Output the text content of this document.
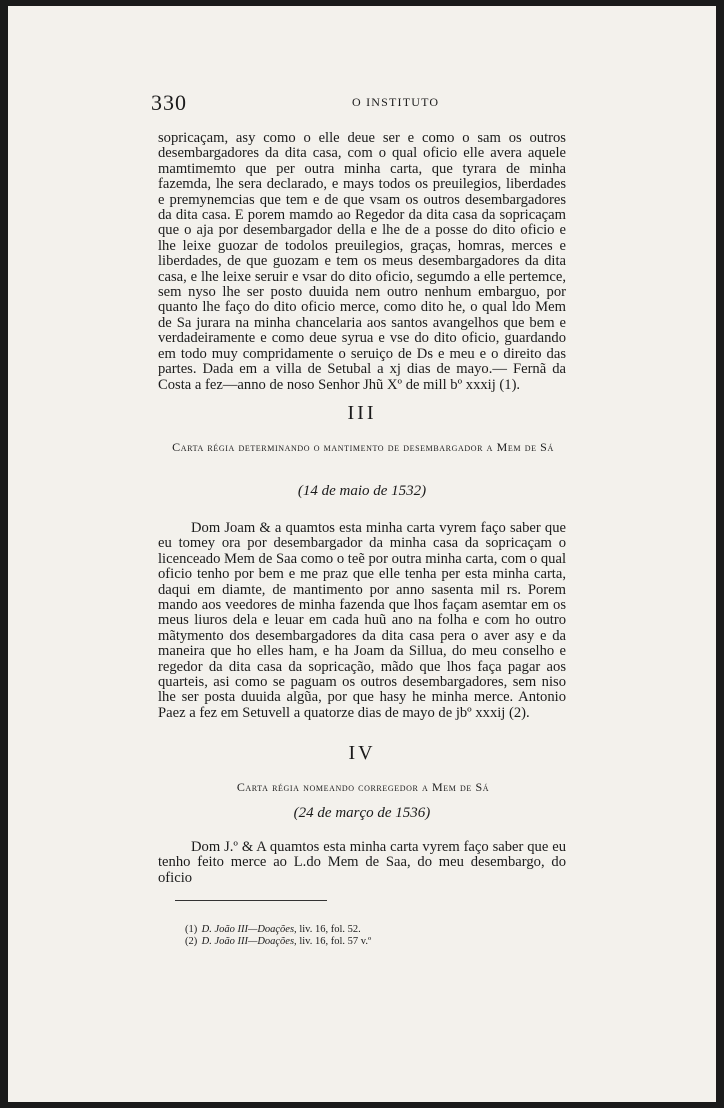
330	O INSTITUTO

sopricaçam, asy como o elle deue ser e como o sam os outros desembargadores da dita casa, com o qual oficio elle avera aquele mamtimemto que per outra minha carta, que tyrara de minha fazemda, lhe sera declarado, e mays todos os preuilegios, liberdades e premynemcias que tem e de que vsam os outros desembargadores da dita casa. E porem mamdo ao Regedor da dita casa da sopricaçam que o aja por desembargador della e lhe de a posse do dito oficio e lhe leixe guozar de todolos preuilegios, graças, homras, merces e liberdades, de que guozam e tem os meus desembargadores da dita casa, e lhe leixe seruir e vsar do dito oficio, segumdo a elle pertemce, sem nyso lhe ser posto duuida nem outro nenhum embarguo, por quanto lhe faço do dito oficio merce, como dito he, o qual ldo Mem de Sa jurara na minha chancelaria aos santos avangelhos que bem e verdadeiramente e como deue syrua e vse do dito oficio, guardando em todo muy compridamente o seruiço de Ds e meu e o direito das partes. Dada em a villa de Setubal a xj dias de mayo.— Fernã da Costa a fez—anno de noso Senhor Jhũ Xº de mill bº xxxij (1).

III
Carta régia determinando o mantimento de desembargador a Mem de Sá
(14 de maio de 1532)

Dom Joam & a quamtos esta minha carta vyrem faço saber que eu tomey ora por desembargador da minha casa da sopricaçam o licenceado Mem de Saa como o teẽ por outra minha carta, com o qual oficio tenho por bem e me praz que elle tenha per esta minha carta, daqui em diamte, de mantimento por anno sasenta mil rs. Porem mando aos veedores de minha fazenda que lhos façam asemtar em os meus liuros dela e leuar em cada huũ ano na folha e com ho outro mãtymento dos desembargadores da dita casa pera o aver asy e da maneira que ho elles ham, e ha Joam da Sillua, do meu conselho e regedor da dita casa da sopricação, mãdo que lhos faça pagar aos quarteis, asi como se paguam os outros desembargadores, sem niso lhe ser posta duuida algũa, por que hasy he minha merce. Antonio Paez a fez em Setuvell a quatorze dias de mayo de jbº xxxij (2).

IV
Carta régia nomeando corregedor a Mem de Sá
(24 de março de 1536)

Dom J.º & A quamtos esta minha carta vyrem faço saber que eu tenho feito merce ao L.do Mem de Saa, do meu desembargo, do oficio

(1) D. João III—Doações, liv. 16, fol. 52.
(2) D. João III—Doações, liv. 16, fol. 57 v.º
